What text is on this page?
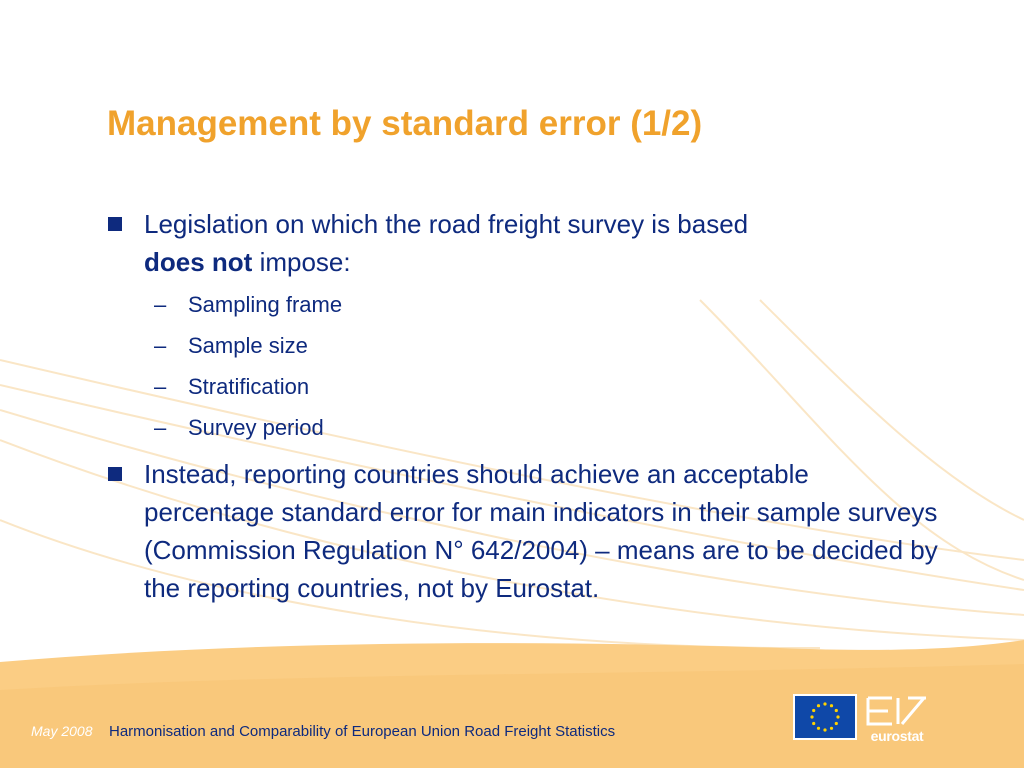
Management by standard error (1/2)
Legislation on which the road freight survey is based
does not impose:
– Sampling frame
– Sample size
– Stratification
– Survey period
Instead, reporting countries should achieve an acceptable percentage standard error for main indicators in their sample surveys (Commission Regulation N° 642/2004) – means are to be decided by the reporting countries, not by Eurostat.
May 2008 Harmonisation and Comparability of European Union Road Freight Statistics	eurostat
